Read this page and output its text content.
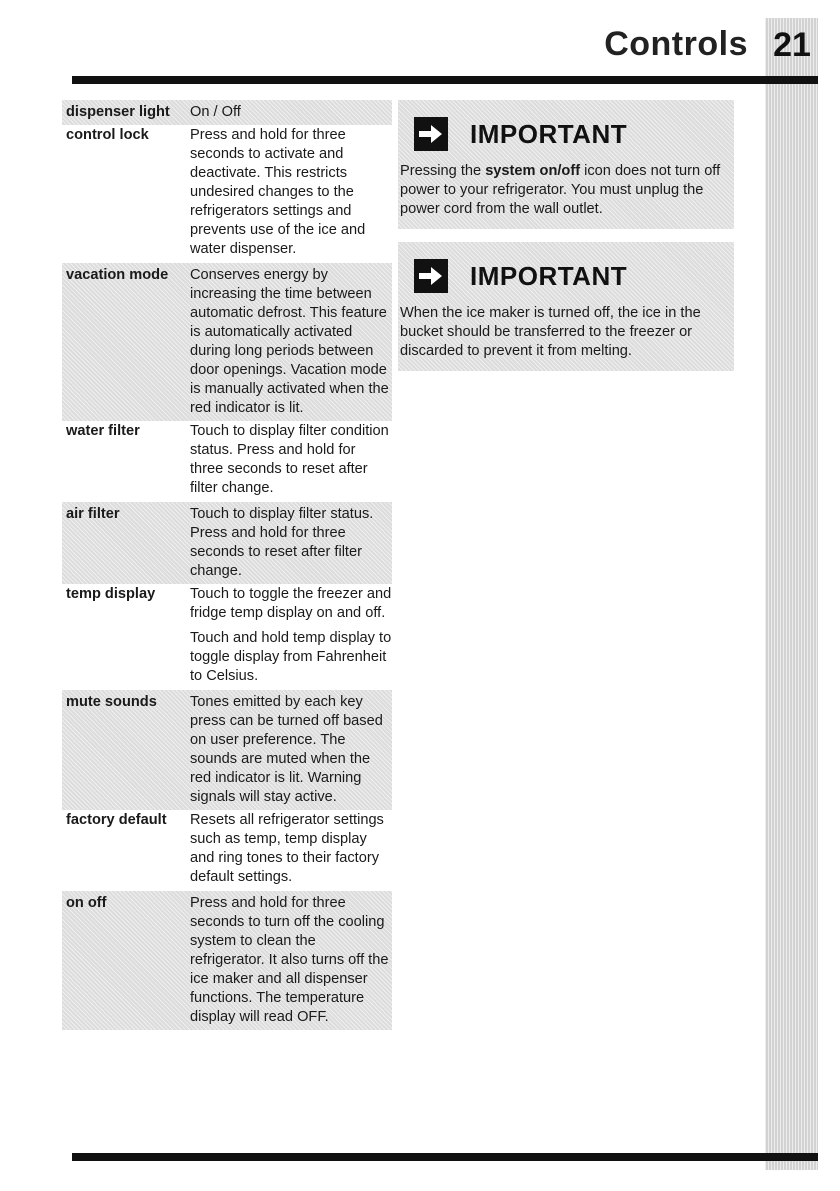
Controls 21
dispenser light	On / Off

control lock	Press and hold for three seconds to activate and deactivate. This restricts undesired changes to the refrigerators settings and prevents use of the ice and water dispenser.

vacation mode	Conserves energy by increasing the time between automatic defrost. This feature is automatically activated during long periods between door openings. Vacation mode is manually activated when the red indicator is lit.

water filter	Touch to display filter condition status. Press and hold for three seconds to reset after filter change.

air filter	Touch to display filter status. Press and hold for three seconds to reset after filter change.

temp display	Touch to toggle the freezer and fridge temp display on and off.

Touch and hold temp display to toggle display from Fahrenheit to Celsius.

mute sounds	Tones emitted by each key press can be turned off based on user preference. The sounds are muted when the red indicator is lit. Warning signals will stay active.

factory default	Resets all refrigerator settings such as temp, temp display and ring tones to their factory default settings.

on off	Press and hold for three seconds to turn off the cooling system to clean the refrigerator. It also turns off the ice maker and all dispenser functions. The temperature display will read OFF.

IMPORTANT
Pressing the system on/off icon does not turn off power to your refrigerator. You must unplug the power cord from the wall outlet.
IMPORTANT
When the ice maker is turned off, the ice in the bucket should be transferred to the freezer or discarded to prevent it from melting.
